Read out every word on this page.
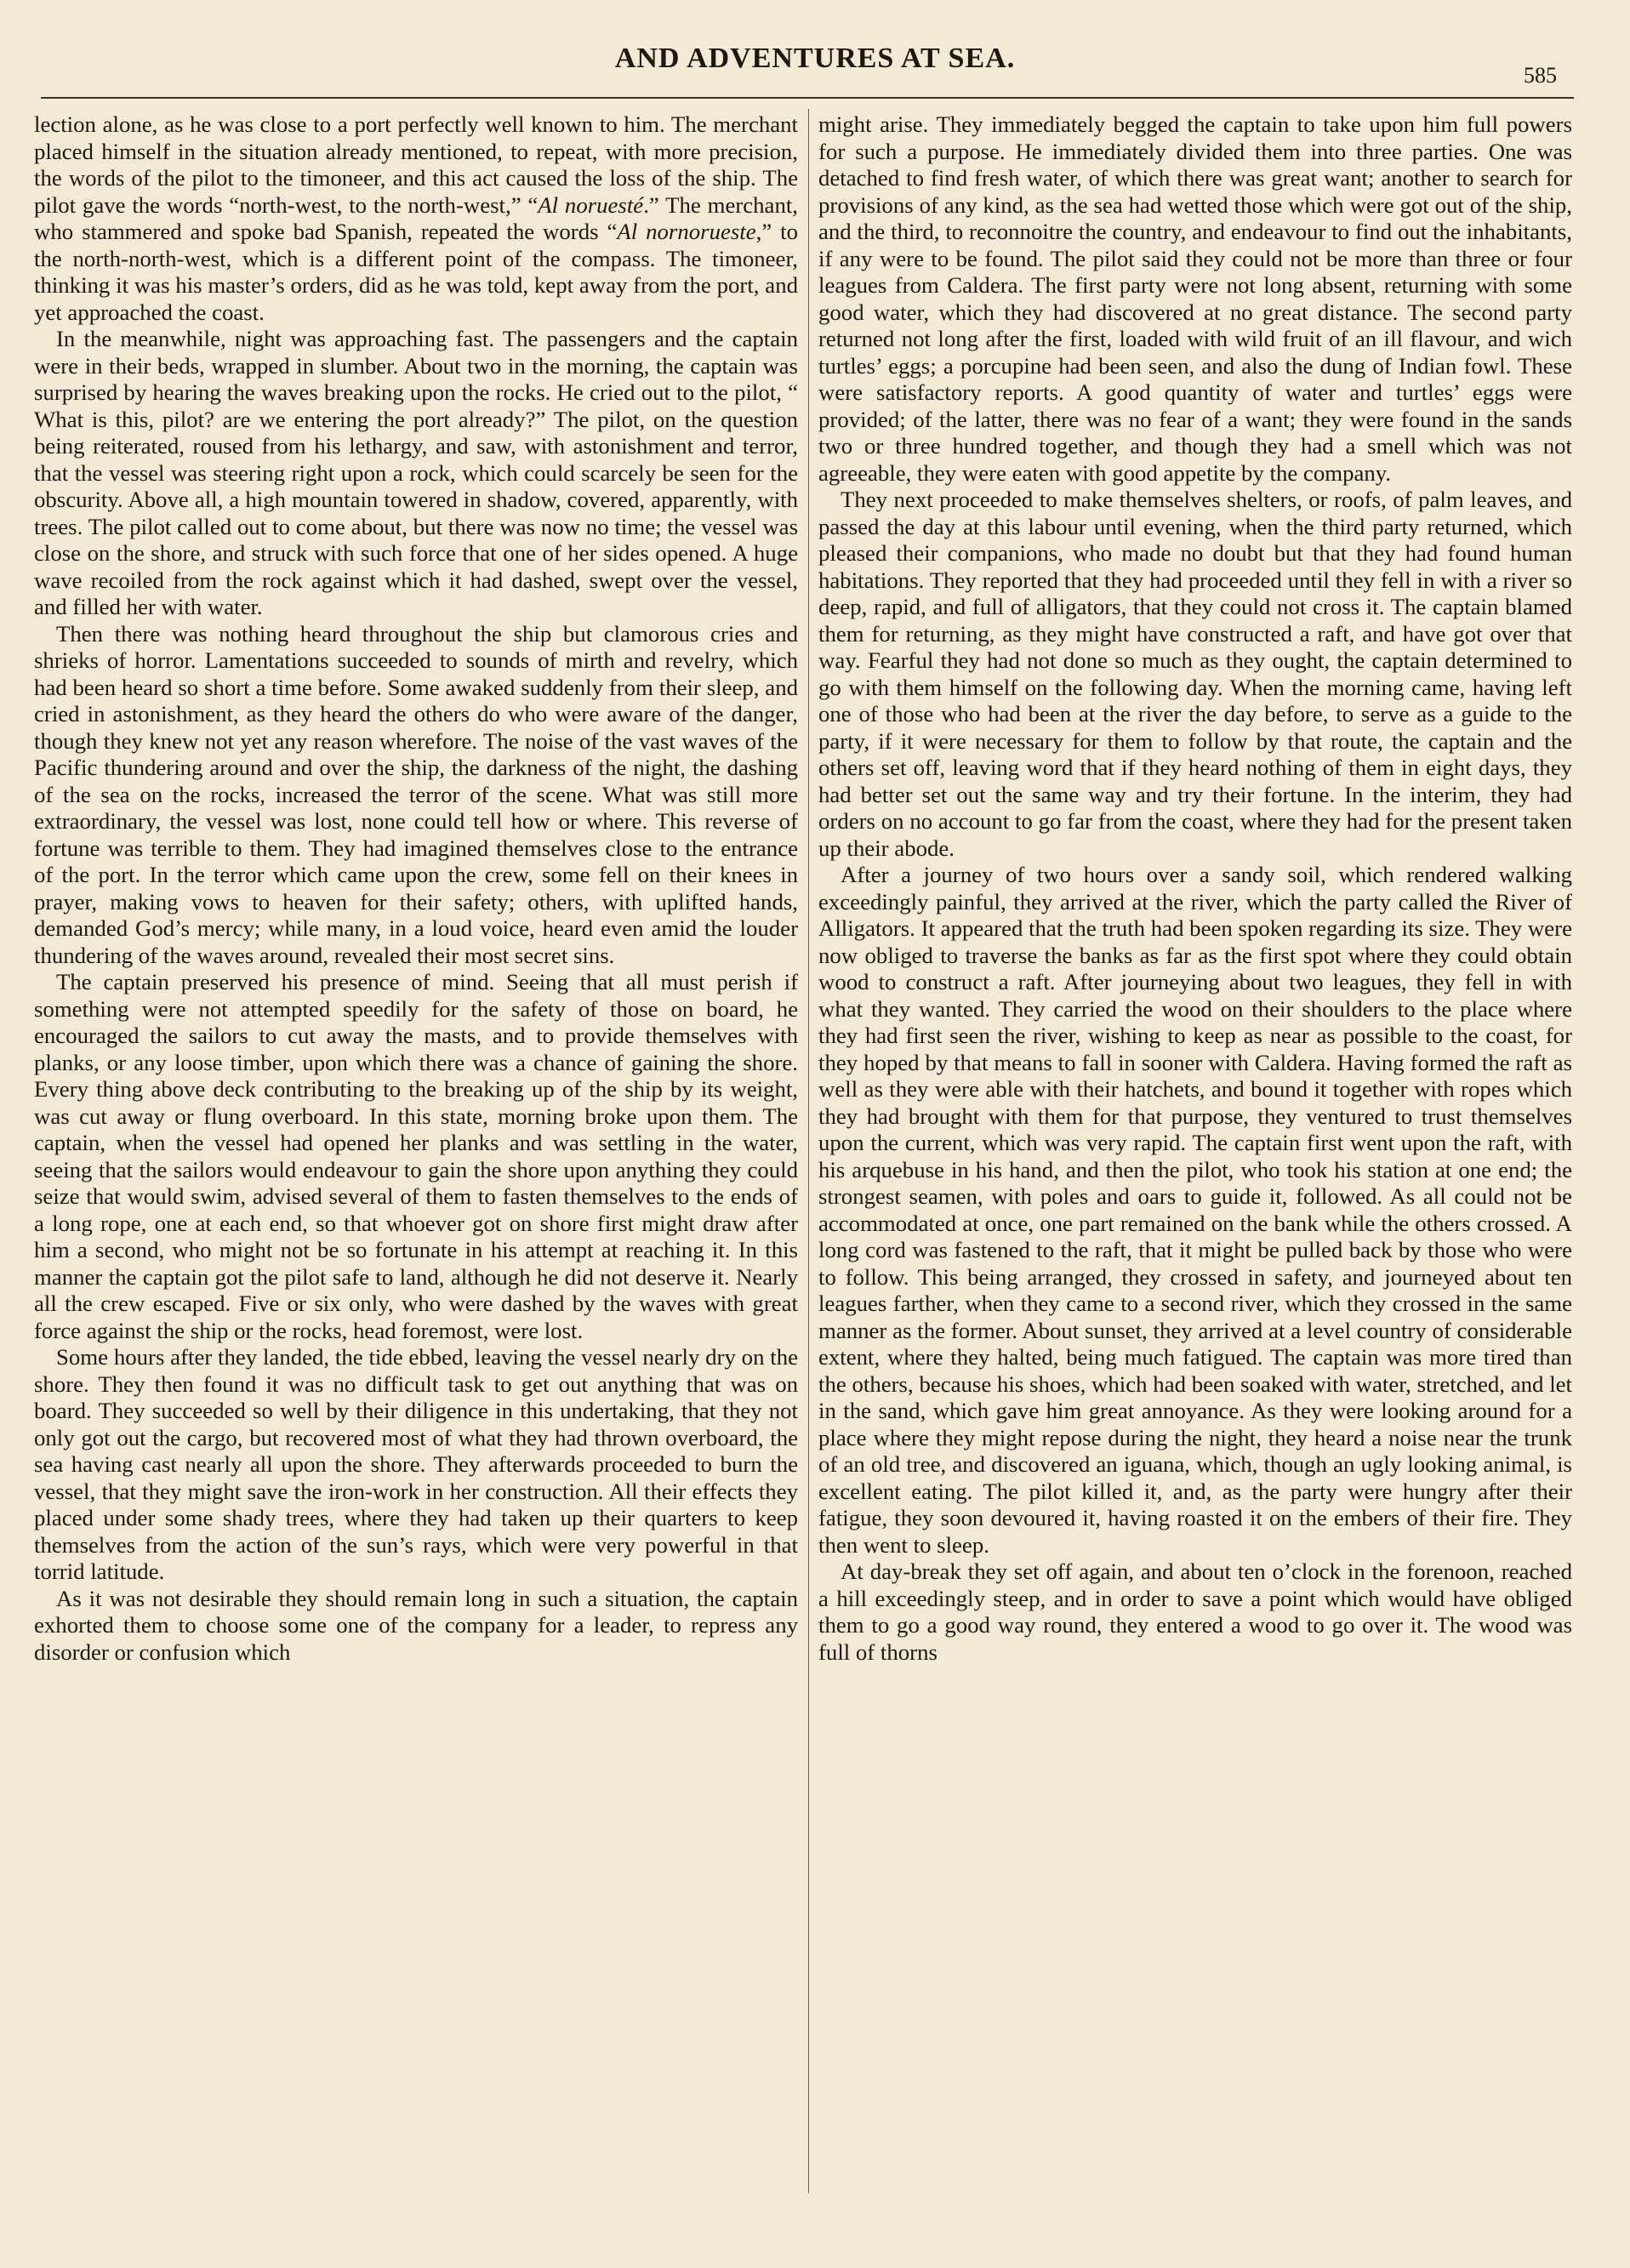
AND ADVENTURES AT SEA.
585

lection alone, as he was close to a port perfectly well known to him. The merchant placed himself in the situation already mentioned, to repeat, with more precision, the words of the pilot to the timoneer, and this act caused the loss of the ship. The pilot gave the words “north-west, to the north-west,” “Al noruesté.” The merchant, who stammered and spoke bad Spanish, repeated the words “Al nornorueste,” to the north-north-west, which is a different point of the compass. The timoneer, thinking it was his master’s orders, did as he was told, kept away from the port, and yet approached the coast.

In the meanwhile, night was approaching fast. The passengers and the captain were in their beds, wrapped in slumber. About two in the morning, the captain was surprised by hearing the waves breaking upon the rocks. He cried out to the pilot, “ What is this, pilot? are we entering the port already?” The pilot, on the question being reiterated, roused from his lethargy, and saw, with astonishment and terror, that the vessel was steering right upon a rock, which could scarcely be seen for the obscurity. Above all, a high mountain towered in shadow, covered, apparently, with trees. The pilot called out to come about, but there was now no time; the vessel was close on the shore, and struck with such force that one of her sides opened. A huge wave recoiled from the rock against which it had dashed, swept over the vessel, and filled her with water.

Then there was nothing heard throughout the ship but clamorous cries and shrieks of horror. Lamentations succeeded to sounds of mirth and revelry, which had been heard so short a time before. Some awaked suddenly from their sleep, and cried in astonishment, as they heard the others do who were aware of the danger, though they knew not yet any reason wherefore. The noise of the vast waves of the Pacific thundering around and over the ship, the darkness of the night, the dashing of the sea on the rocks, increased the terror of the scene. What was still more extraordinary, the vessel was lost, none could tell how or where. This reverse of fortune was terrible to them. They had imagined themselves close to the entrance of the port. In the terror which came upon the crew, some fell on their knees in prayer, making vows to heaven for their safety; others, with uplifted hands, demanded God’s mercy; while many, in a loud voice, heard even amid the louder thundering of the waves around, revealed their most secret sins.

The captain preserved his presence of mind. Seeing that all must perish if something were not attempted speedily for the safety of those on board, he encouraged the sailors to cut away the masts, and to provide themselves with planks, or any loose timber, upon which there was a chance of gaining the shore. Every thing above deck contributing to the breaking up of the ship by its weight, was cut away or flung overboard. In this state, morning broke upon them. The captain, when the vessel had opened her planks and was settling in the water, seeing that the sailors would endeavour to gain the shore upon anything they could seize that would swim, advised several of them to fasten themselves to the ends of a long rope, one at each end, so that whoever got on shore first might draw after him a second, who might not be so fortunate in his attempt at reaching it. In this manner the captain got the pilot safe to land, although he did not deserve it. Nearly all the crew escaped. Five or six only, who were dashed by the waves with great force against the ship or the rocks, head foremost, were lost.

Some hours after they landed, the tide ebbed, leaving the vessel nearly dry on the shore. They then found it was no difficult task to get out anything that was on board. They succeeded so well by their diligence in this undertaking, that they not only got out the cargo, but recovered most of what they had thrown overboard, the sea having cast nearly all upon the shore. They afterwards proceeded to burn the vessel, that they might save the iron-work in her construction. All their effects they placed under some shady trees, where they had taken up their quarters to keep themselves from the action of the sun’s rays, which were very powerful in that torrid latitude.

As it was not desirable they should remain long in such a situation, the captain exhorted them to choose some one of the company for a leader, to repress any disorder or confusion which

might arise. They immediately begged the captain to take upon him full powers for such a purpose. He immediately divided them into three parties. One was detached to find fresh water, of which there was great want; another to search for provisions of any kind, as the sea had wetted those which were got out of the ship, and the third, to reconnoitre the country, and endeavour to find out the inhabitants, if any were to be found. The pilot said they could not be more than three or four leagues from Caldera. The first party were not long absent, returning with some good water, which they had discovered at no great distance. The second party returned not long after the first, loaded with wild fruit of an ill flavour, and wich turtles’ eggs; a porcupine had been seen, and also the dung of Indian fowl. These were satisfactory reports. A good quantity of water and turtles’ eggs were provided; of the latter, there was no fear of a want; they were found in the sands two or three hundred together, and though they had a smell which was not agreeable, they were eaten with good appetite by the company.

They next proceeded to make themselves shelters, or roofs, of palm leaves, and passed the day at this labour until evening, when the third party returned, which pleased their companions, who made no doubt but that they had found human habitations. They reported that they had proceeded until they fell in with a river so deep, rapid, and full of alligators, that they could not cross it. The captain blamed them for returning, as they might have constructed a raft, and have got over that way. Fearful they had not done so much as they ought, the captain determined to go with them himself on the following day. When the morning came, having left one of those who had been at the river the day before, to serve as a guide to the party, if it were necessary for them to follow by that route, the captain and the others set off, leaving word that if they heard nothing of them in eight days, they had better set out the same way and try their fortune. In the interim, they had orders on no account to go far from the coast, where they had for the present taken up their abode.

After a journey of two hours over a sandy soil, which rendered walking exceedingly painful, they arrived at the river, which the party called the River of Alligators. It appeared that the truth had been spoken regarding its size. They were now obliged to traverse the banks as far as the first spot where they could obtain wood to construct a raft. After journeying about two leagues, they fell in with what they wanted. They carried the wood on their shoulders to the place where they had first seen the river, wishing to keep as near as possible to the coast, for they hoped by that means to fall in sooner with Caldera. Having formed the raft as well as they were able with their hatchets, and bound it together with ropes which they had brought with them for that purpose, they ventured to trust themselves upon the current, which was very rapid. The captain first went upon the raft, with his arquebuse in his hand, and then the pilot, who took his station at one end; the strongest seamen, with poles and oars to guide it, followed. As all could not be accommodated at once, one part remained on the bank while the others crossed. A long cord was fastened to the raft, that it might be pulled back by those who were to follow. This being arranged, they crossed in safety, and journeyed about ten leagues farther, when they came to a second river, which they crossed in the same manner as the former. About sunset, they arrived at a level country of considerable extent, where they halted, being much fatigued. The captain was more tired than the others, because his shoes, which had been soaked with water, stretched, and let in the sand, which gave him great annoyance. As they were looking around for a place where they might repose during the night, they heard a noise near the trunk of an old tree, and discovered an iguana, which, though an ugly looking animal, is excellent eating. The pilot killed it, and, as the party were hungry after their fatigue, they soon devoured it, having roasted it on the embers of their fire. They then went to sleep.

At day-break they set off again, and about ten o’clock in the forenoon, reached a hill exceedingly steep, and in order to save a point which would have obliged them to go a good way round, they entered a wood to go over it. The wood was full of thorns
